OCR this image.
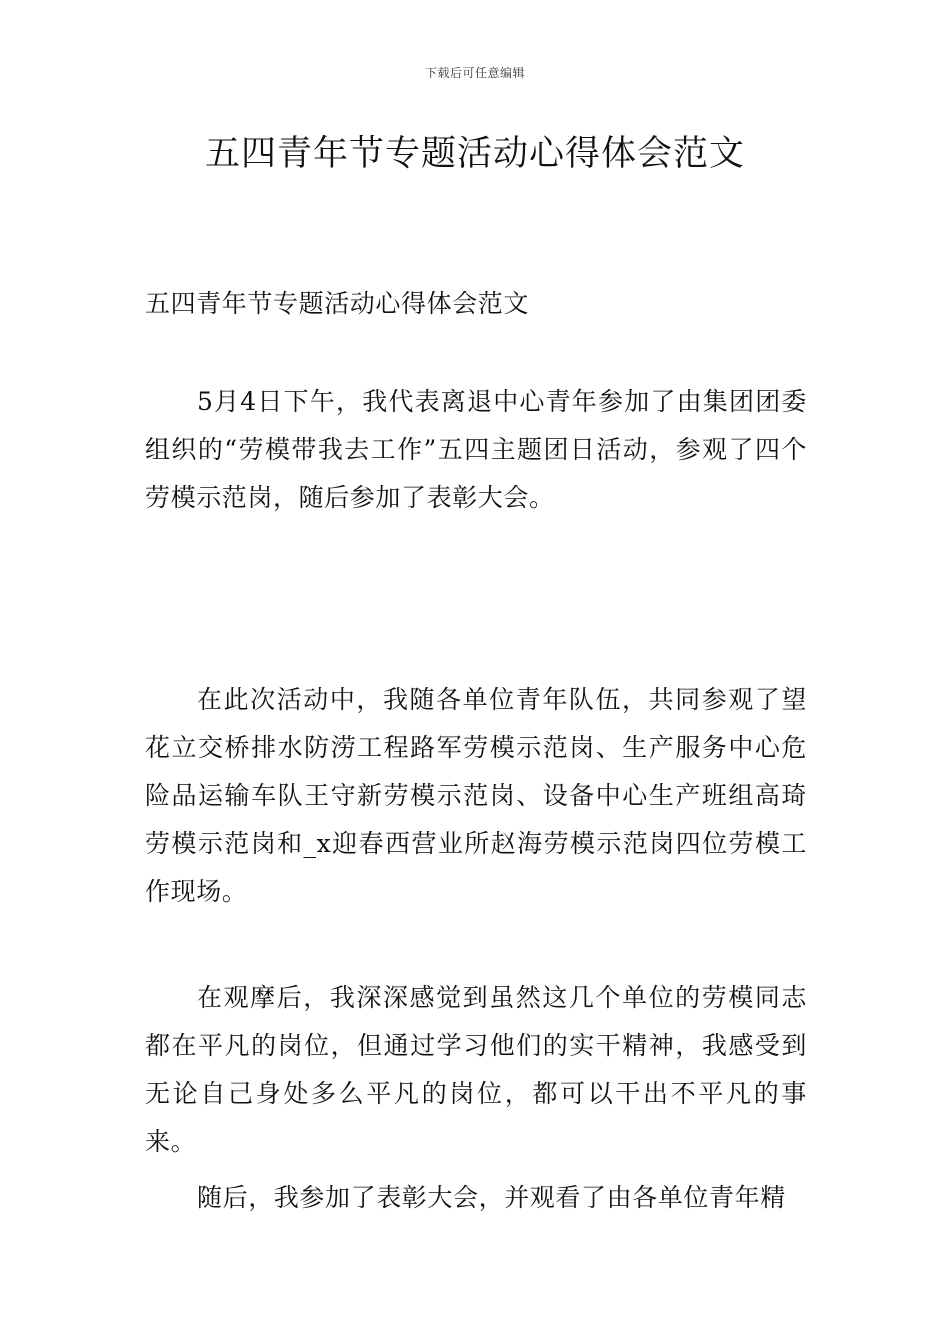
下载后可任意编辑
五四青年节专题活动心得体会范文

五四青年节专题活动心得体会范文

5月4日下午，我代表离退中心青年参加了由集团团委组织的“劳模带我去工作”五四主题团日活动，参观了四个劳模示范岗，随后参加了表彰大会。

在此次活动中，我随各单位青年队伍，共同参观了望花立交桥排水防涝工程路军劳模示范岗、生产服务中心危险品运输车队王守新劳模示范岗、设备中心生产班组高琦劳模示范岗和_x迎春西营业所赵海劳模示范岗四位劳模工作现场。

在观摩后，我深深感觉到虽然这几个单位的劳模同志都在平凡的岗位，但通过学习他们的实干精神，我感受到无论自己身处多么平凡的岗位，都可以干出不平凡的事来。

随后，我参加了表彰大会，并观看了由各单位青年精
